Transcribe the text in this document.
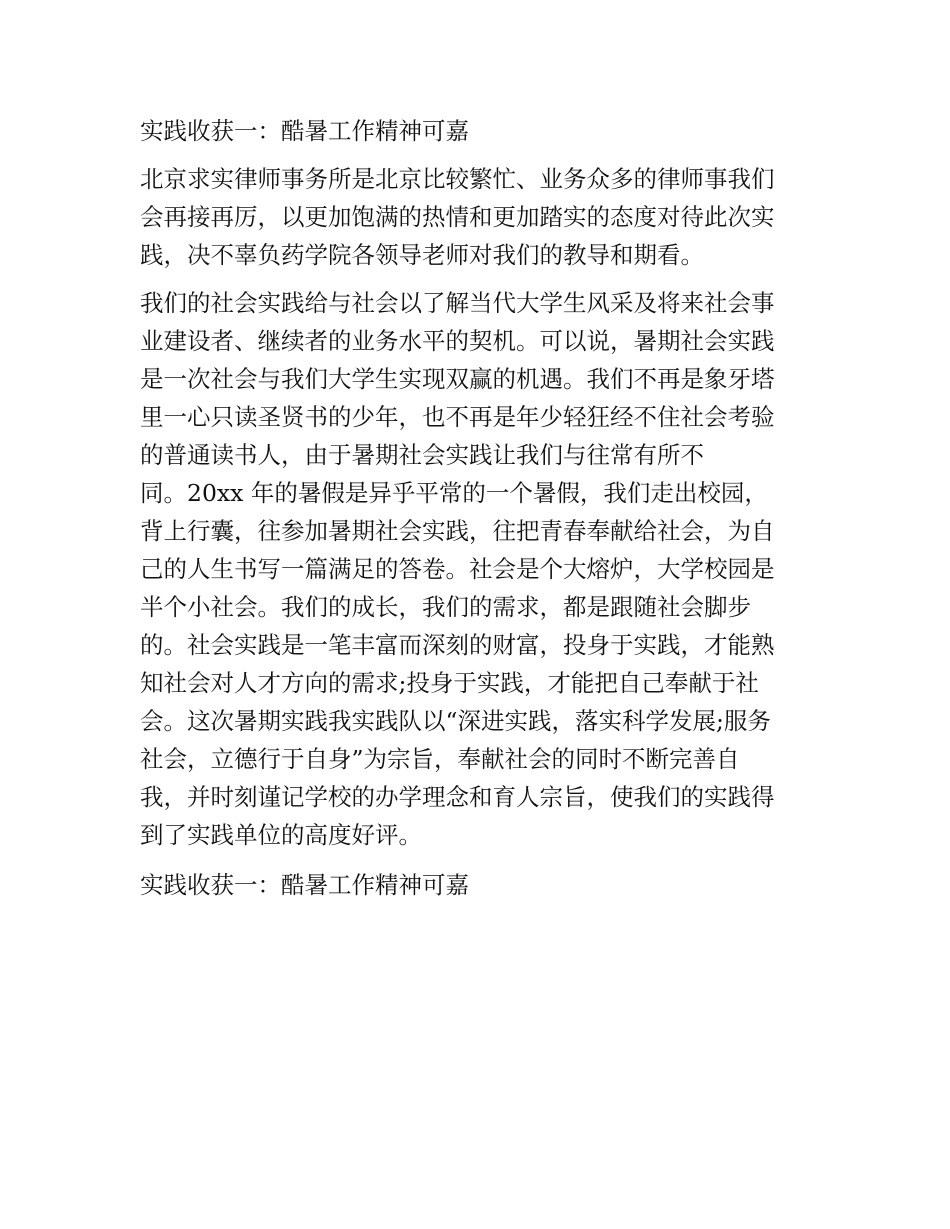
实践收获一：酷暑工作精神可嘉
北京求实律师事务所是北京比较繁忙、业务众多的律师事我们
会再接再厉，以更加饱满的热情和更加踏实的态度对待此次实
践，决不辜负药学院各领导老师对我们的教导和期看。
我们的社会实践给与社会以了解当代大学生风采及将来社会事
业建设者、继续者的业务水平的契机。可以说，暑期社会实践
是一次社会与我们大学生实现双赢的机遇。我们不再是象牙塔
里一心只读圣贤书的少年，也不再是年少轻狂经不住社会考验
的普通读书人，由于暑期社会实践让我们与往常有所不
同。20xx 年的暑假是异乎平常的一个暑假，我们走出校园，
背上行囊，往参加暑期社会实践，往把青春奉献给社会，为自
己的人生书写一篇满足的答卷。社会是个大熔炉，大学校园是
半个小社会。我们的成长，我们的需求，都是跟随社会脚步
的。社会实践是一笔丰富而深刻的财富，投身于实践，才能熟
知社会对人才方向的需求;投身于实践，才能把自己奉献于社
会。这次暑期实践我实践队以“深进实践，落实科学发展;服务
社会，立德行于自身”为宗旨，奉献社会的同时不断完善自
我，并时刻谨记学校的办学理念和育人宗旨，使我们的实践得
到了实践单位的高度好评。
实践收获一：酷暑工作精神可嘉
